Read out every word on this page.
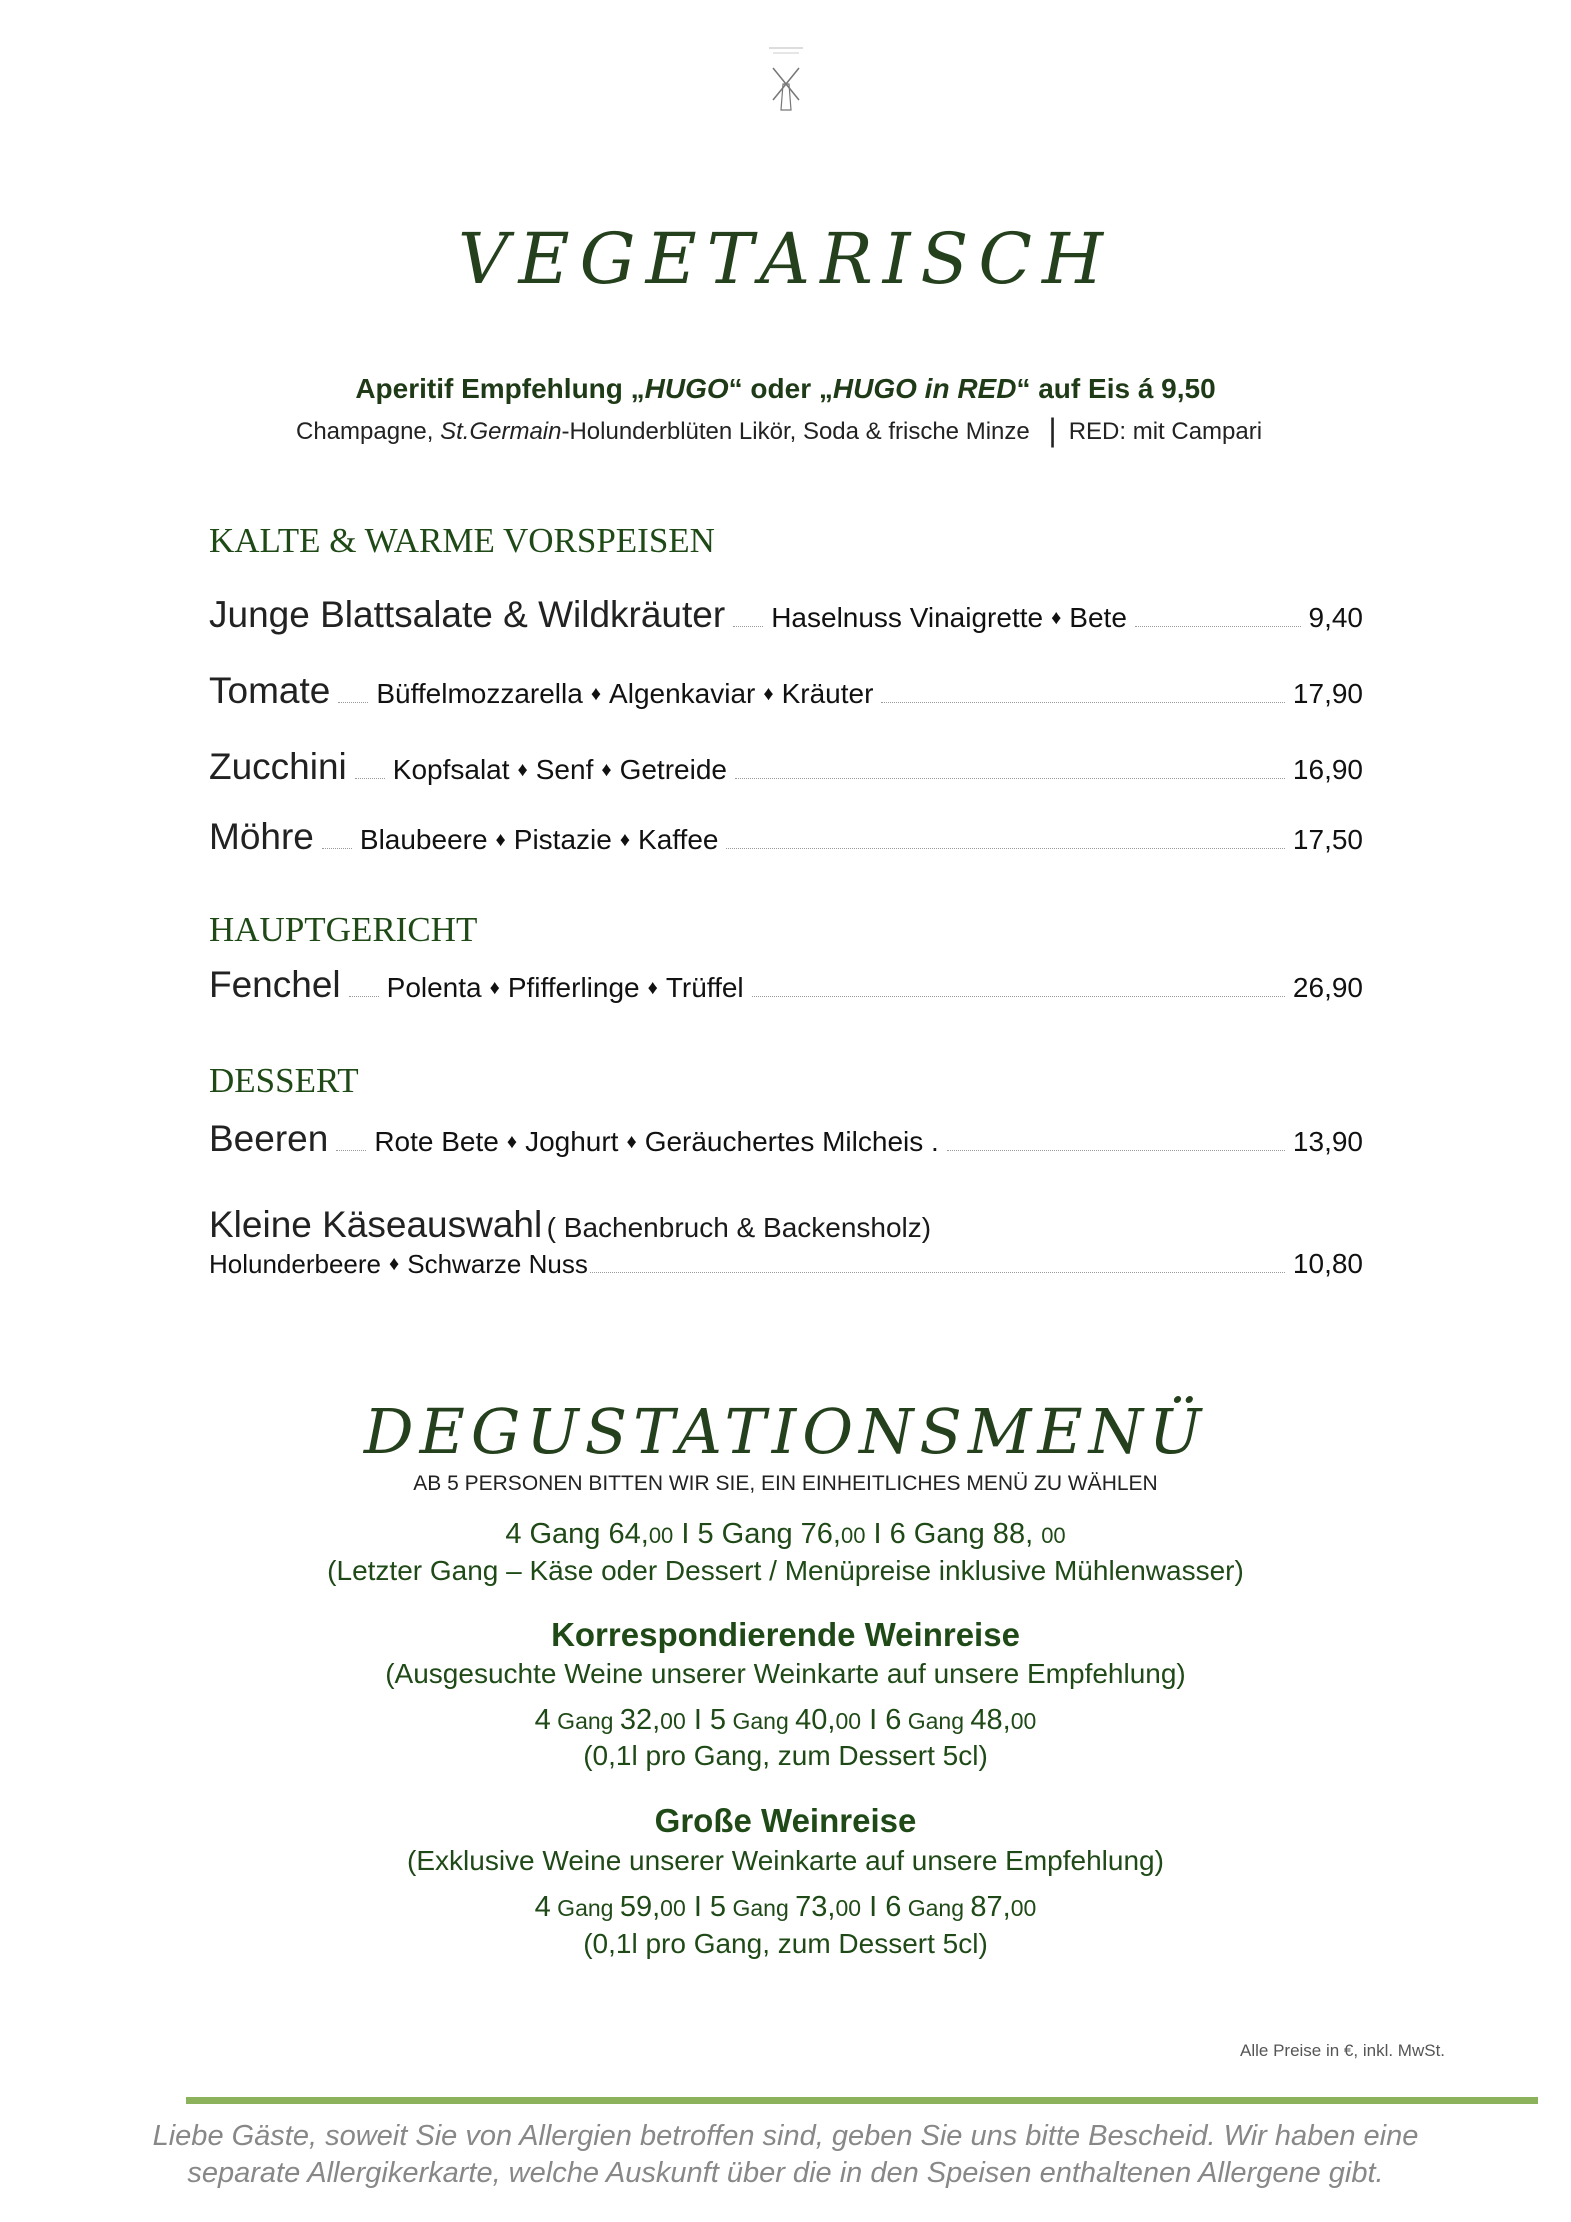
VEGETARISCH
Aperitif Empfehlung „HUGO“ oder „HUGO in RED“ auf Eis á 9,50
Champagne, St.Germain-Holunderblüten Likör, Soda & frische Minze | RED: mit Campari
KALTE & WARME VORSPEISEN
Junge Blattsalate & Wildkräuter Haselnuss Vinaigrette ♦ Bete	9,40
Tomate Büffelmozzarella ♦ Algenkaviar ♦ Kräuter	17,90
Zucchini Kopfsalat ♦ Senf ♦ Getreide	16,90
Möhre Blaubeere ♦ Pistazie ♦ Kaffee	17,50
HAUPTGERICHT
Fenchel Polenta ♦ Pfifferlinge ♦ Trüffel	26,90
DESSERT
Beeren Rote Bete ♦ Joghurt ♦ Geräuchertes Milcheis .	13,90
Kleine Käseauswahl ( Bachenbruch & Backensholz)
Holunderbeere ♦ Schwarze Nuss	10,80
DEGUSTATIONSMENÜ
AB 5 PERSONEN BITTEN WIR SIE, EIN EINHEITLICHES MENÜ ZU WÄHLEN
4 Gang 64,00 I 5 Gang 76,00 I 6 Gang 88, 00
(Letzter Gang – Käse oder Dessert / Menüpreise inklusive Mühlenwasser)
Korrespondierende Weinreise
(Ausgesuchte Weine unserer Weinkarte auf unsere Empfehlung)
4 Gang 32,00 I 5 Gang 40,00 I 6 Gang 48,00
(0,1l pro Gang, zum Dessert 5cl)
Große Weinreise
(Exklusive Weine unserer Weinkarte auf unsere Empfehlung)
4 Gang 59,00 I 5 Gang 73,00 I 6 Gang 87,00
(0,1l pro Gang, zum Dessert 5cl)
Alle Preise in €, inkl. MwSt.
Liebe Gäste, soweit Sie von Allergien betroffen sind, geben Sie uns bitte Bescheid. Wir haben eine
separate Allergikerkarte, welche Auskunft über die in den Speisen enthaltenen Allergene gibt.
